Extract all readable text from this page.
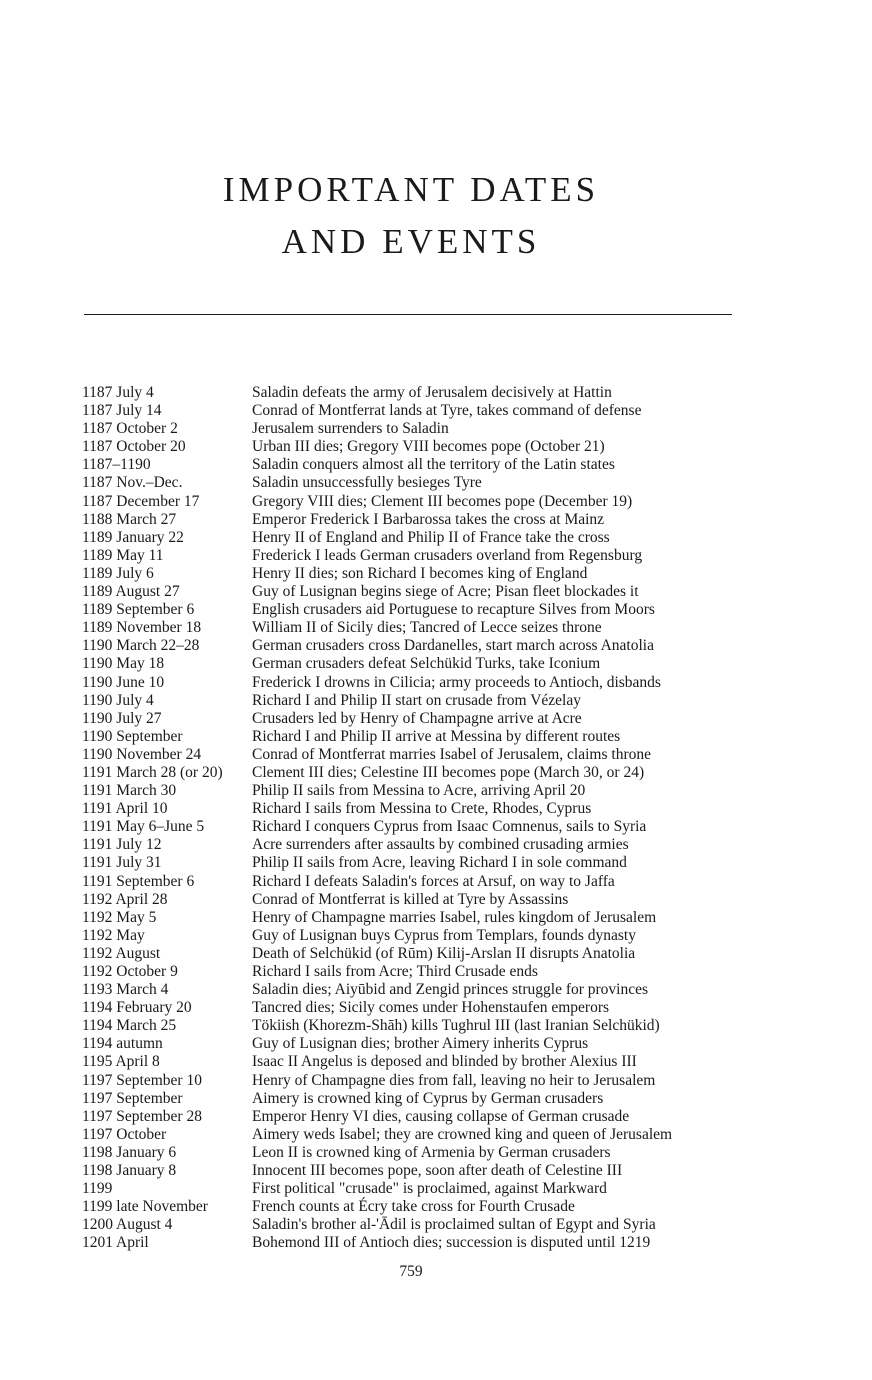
IMPORTANT DATES
AND EVENTS
1187 July 4	Saladin defeats the army of Jerusalem decisively at Hattin
1187 July 14	Conrad of Montferrat lands at Tyre, takes command of defense
1187 October 2	Jerusalem surrenders to Saladin
1187 October 20	Urban III dies; Gregory VIII becomes pope (October 21)
1187–1190	Saladin conquers almost all the territory of the Latin states
1187 Nov.–Dec.	Saladin unsuccessfully besieges Tyre
1187 December 17	Gregory VIII dies; Clement III becomes pope (December 19)
1188 March 27	Emperor Frederick I Barbarossa takes the cross at Mainz
1189 January 22	Henry II of England and Philip II of France take the cross
1189 May 11	Frederick I leads German crusaders overland from Regensburg
1189 July 6	Henry II dies; son Richard I becomes king of England
1189 August 27	Guy of Lusignan begins siege of Acre; Pisan fleet blockades it
1189 September 6	English crusaders aid Portuguese to recapture Silves from Moors
1189 November 18	William II of Sicily dies; Tancred of Lecce seizes throne
1190 March 22–28	German crusaders cross Dardanelles, start march across Anatolia
1190 May 18	German crusaders defeat Selchükid Turks, take Iconium
1190 June 10	Frederick I drowns in Cilicia; army proceeds to Antioch, disbands
1190 July 4	Richard I and Philip II start on crusade from Vézelay
1190 July 27	Crusaders led by Henry of Champagne arrive at Acre
1190 September	Richard I and Philip II arrive at Messina by different routes
1190 November 24	Conrad of Montferrat marries Isabel of Jerusalem, claims throne
1191 March 28 (or 20) Clement III dies; Celestine III becomes pope (March 30, or 24)
1191 March 30	Philip II sails from Messina to Acre, arriving April 20
1191 April 10	Richard I sails from Messina to Crete, Rhodes, Cyprus
1191 May 6–June 5	Richard I conquers Cyprus from Isaac Comnenus, sails to Syria
1191 July 12	Acre surrenders after assaults by combined crusading armies
1191 July 31	Philip II sails from Acre, leaving Richard I in sole command
1191 September 6	Richard I defeats Saladin's forces at Arsuf, on way to Jaffa
1192 April 28	Conrad of Montferrat is killed at Tyre by Assassins
1192 May 5	Henry of Champagne marries Isabel, rules kingdom of Jerusalem
1192 May	Guy of Lusignan buys Cyprus from Templars, founds dynasty
1192 August	Death of Selchükid (of Rūm) Kilij-Arslan II disrupts Anatolia
1192 October 9	Richard I sails from Acre; Third Crusade ends
1193 March 4	Saladin dies; Aiyūbid and Zengid princes struggle for provinces
1194 February 20	Tancred dies; Sicily comes under Hohenstaufen emperors
1194 March 25	Tökiish (Khorezm-Shāh) kills Tughrul III (last Iranian Selchükid)
1194 autumn	Guy of Lusignan dies; brother Aimery inherits Cyprus
1195 April 8	Isaac II Angelus is deposed and blinded by brother Alexius III
1197 September 10	Henry of Champagne dies from fall, leaving no heir to Jerusalem
1197 September	Aimery is crowned king of Cyprus by German crusaders
1197 September 28	Emperor Henry VI dies, causing collapse of German crusade
1197 October	Aimery weds Isabel; they are crowned king and queen of Jerusalem
1198 January 6	Leon II is crowned king of Armenia by German crusaders
1198 January 8	Innocent III becomes pope, soon after death of Celestine III
1199	First political "crusade" is proclaimed, against Markward
1199 late November	French counts at Écry take cross for Fourth Crusade
1200 August 4	Saladin's brother al-'Ādil is proclaimed sultan of Egypt and Syria
1201 April	Bohemond III of Antioch dies; succession is disputed until 1219
759
